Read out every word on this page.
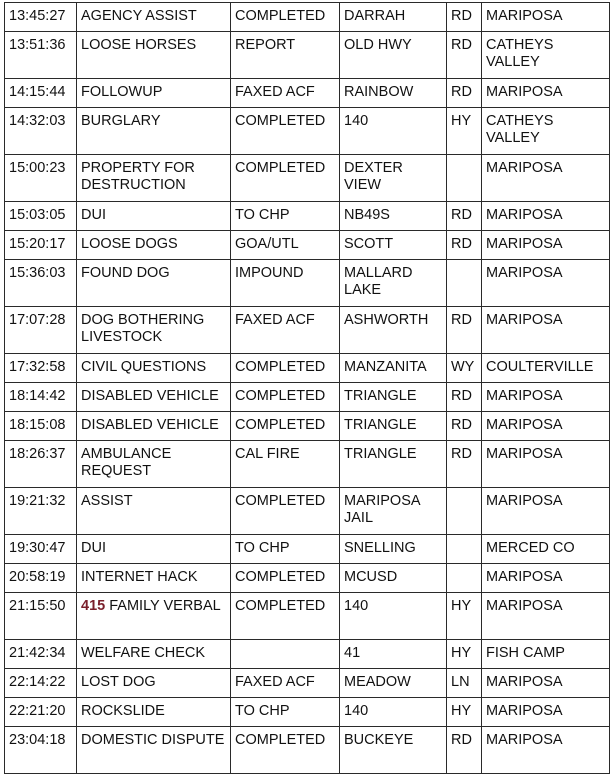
13:45:27	AGENCY ASSIST	COMPLETED	DARRAH	RD	MARIPOSA
13:51:36	LOOSE HORSES	REPORT	OLD HWY	RD	CATHEYS VALLEY
14:15:44	FOLLOWUP	FAXED ACF	RAINBOW	RD	MARIPOSA
14:32:03	BURGLARY	COMPLETED	140	HY	CATHEYS VALLEY
15:00:23	PROPERTY FOR DESTRUCTION	COMPLETED	DEXTER VIEW		MARIPOSA
15:03:05	DUI	TO CHP	NB49S	RD	MARIPOSA
15:20:17	LOOSE DOGS	GOA/UTL	SCOTT	RD	MARIPOSA
15:36:03	FOUND DOG	IMPOUND	MALLARD LAKE		MARIPOSA
17:07:28	DOG BOTHERING LIVESTOCK	FAXED ACF	ASHWORTH	RD	MARIPOSA
17:32:58	CIVIL QUESTIONS	COMPLETED	MANZANITA	WY	COULTERVILLE
18:14:42	DISABLED VEHICLE	COMPLETED	TRIANGLE	RD	MARIPOSA
18:15:08	DISABLED VEHICLE	COMPLETED	TRIANGLE	RD	MARIPOSA
18:26:37	AMBULANCE REQUEST	CAL FIRE	TRIANGLE	RD	MARIPOSA
19:21:32	ASSIST	COMPLETED	MARIPOSA JAIL		MARIPOSA
19:30:47	DUI	TO CHP	SNELLING		MERCED CO
20:58:19	INTERNET HACK	COMPLETED	MCUSD		MARIPOSA
21:15:50	415 FAMILY VERBAL	COMPLETED	140	HY	MARIPOSA
21:42:34	WELFARE CHECK		41	HY	FISH CAMP
22:14:22	LOST DOG	FAXED ACF	MEADOW	LN	MARIPOSA
22:21:20	ROCKSLIDE	TO CHP	140	HY	MARIPOSA
23:04:18	DOMESTIC DISPUTE	COMPLETED	BUCKEYE	RD	MARIPOSA
